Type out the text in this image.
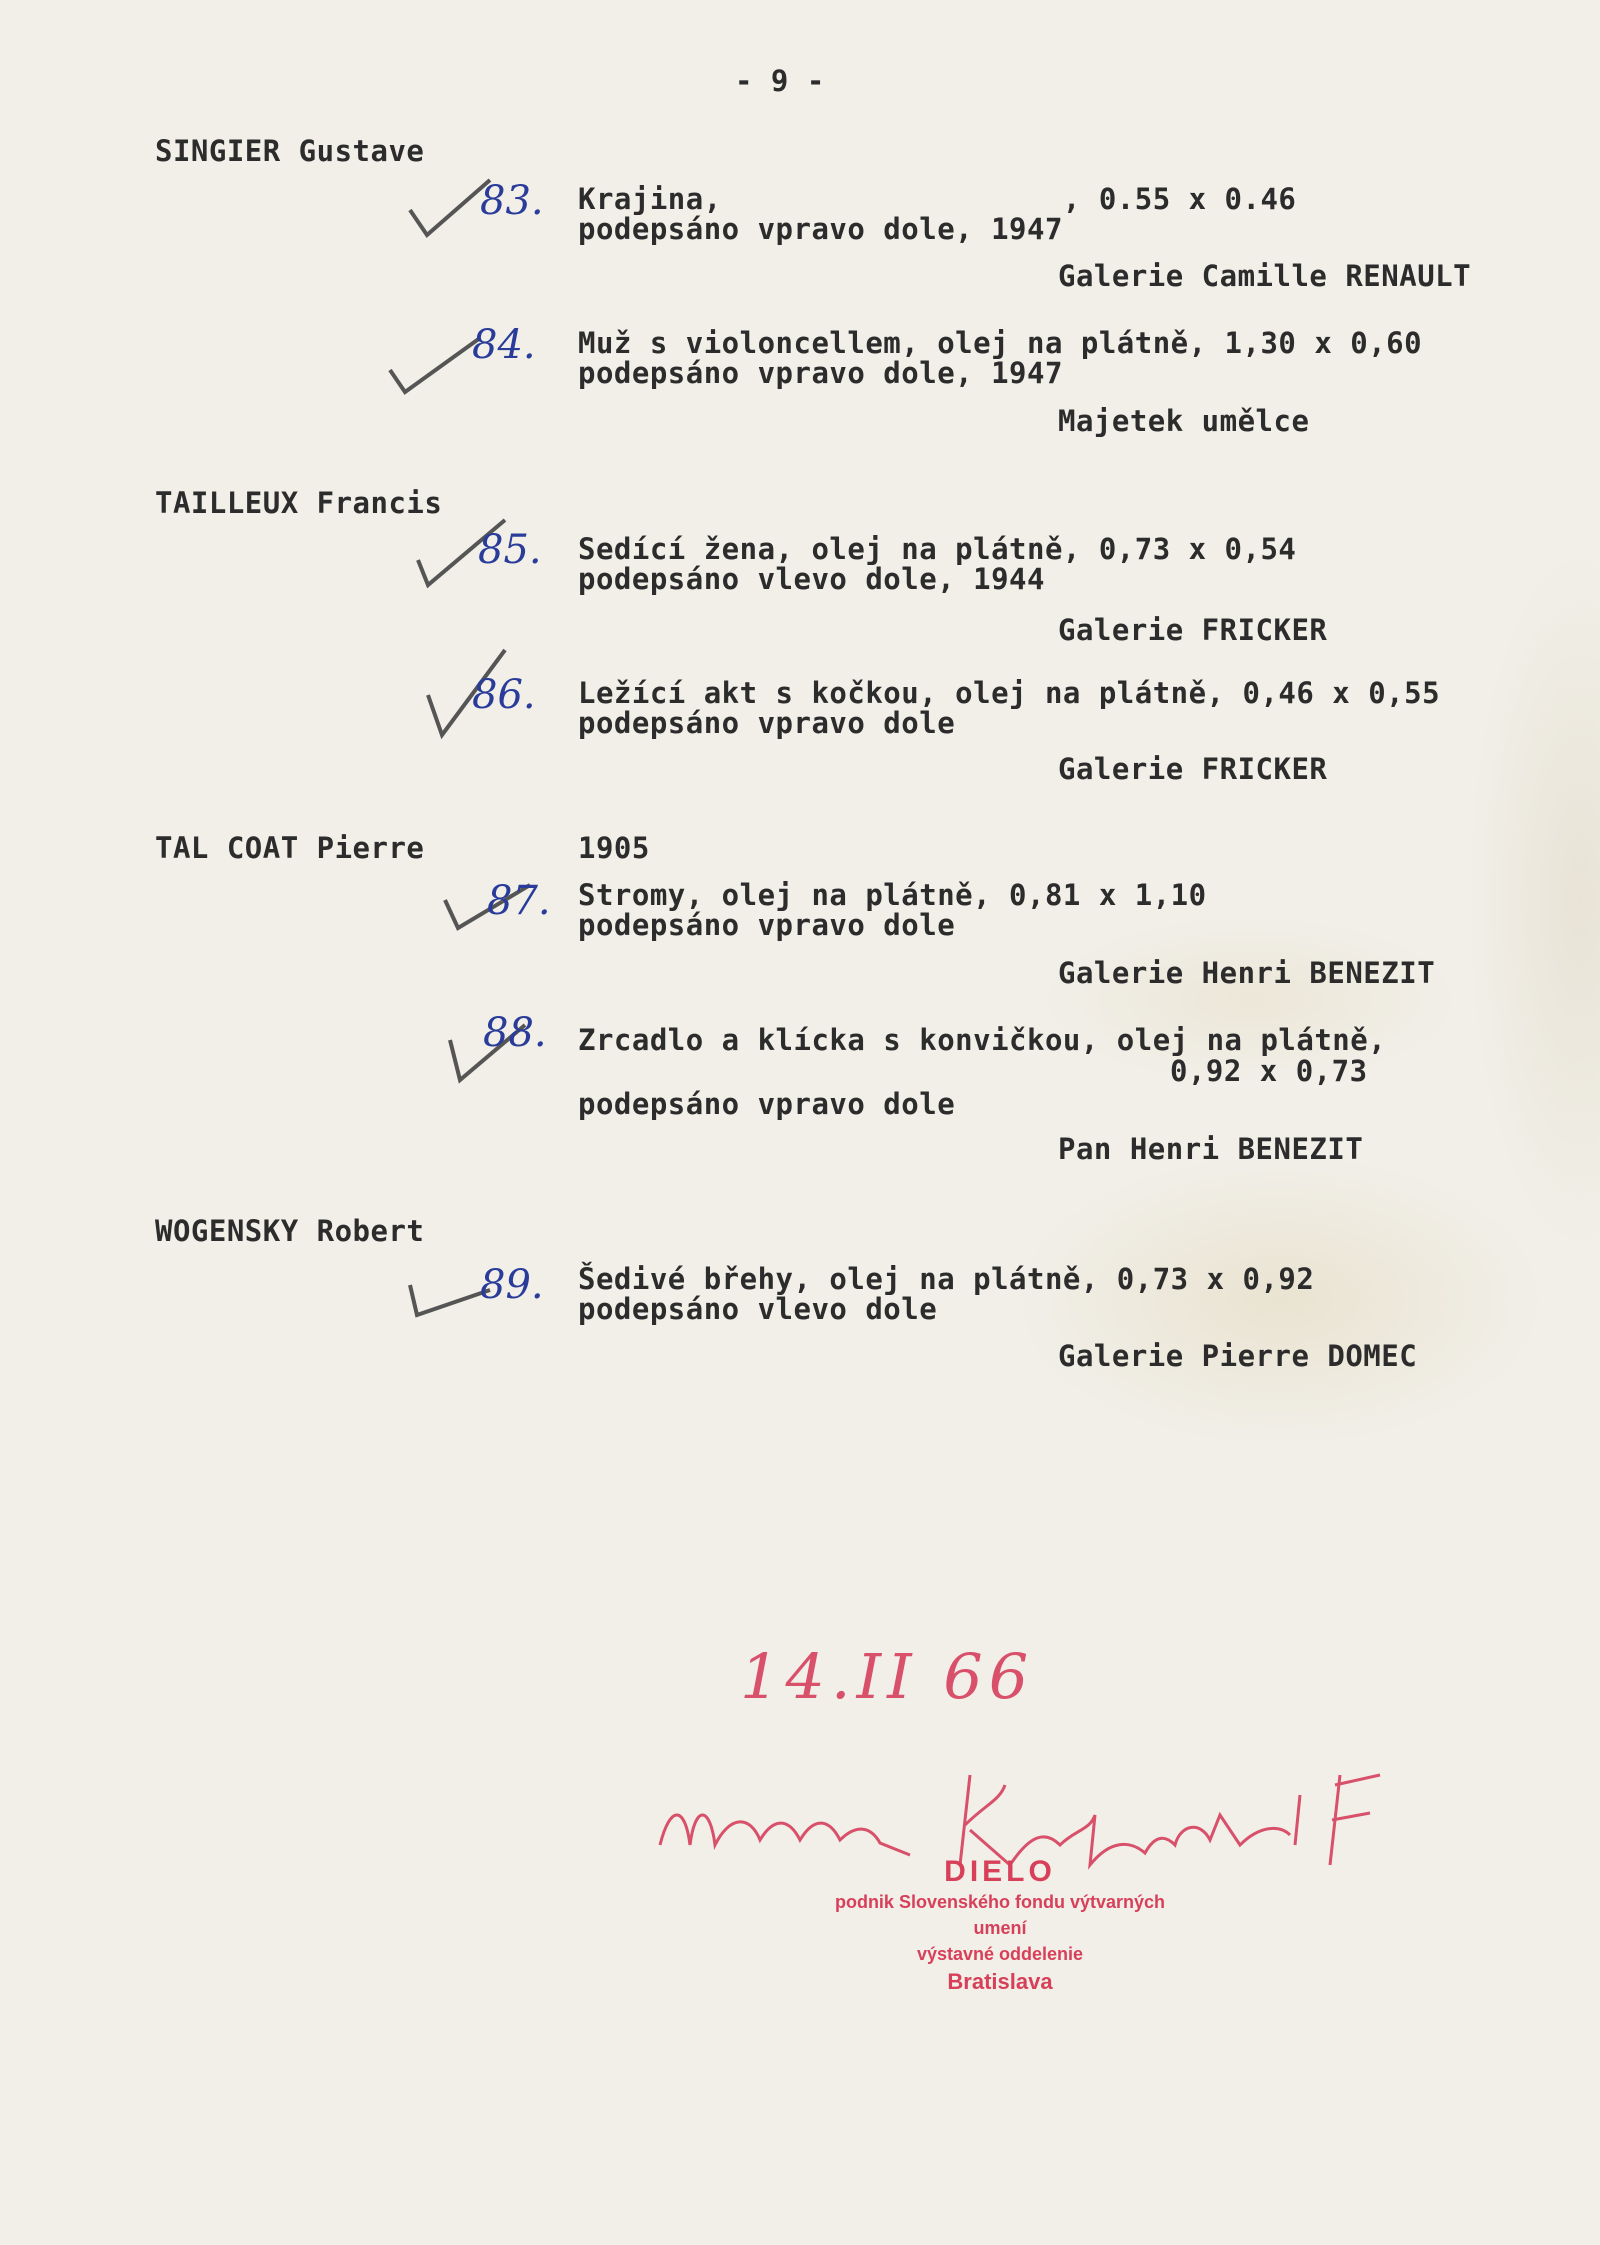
- 9 -
SINGIER Gustave
83. Krajina,                   , 0.55 x 0.46
podepsáno vpravo dole, 1947
Galerie Camille RENAULT
84. Muž s violoncellem, olej na plátně, 1,30 x 0,60
podepsáno vpravo dole, 1947
Majetek umělce
TAILLEUX Francis
85. Sedící žena, olej na plátně, 0,73 x 0,54
podepsáno vlevo dole, 1944
Galerie FRICKER
86. Ležící akt s kočkou, olej na plátně, 0,46 x 0,55
podepsáno vpravo dole
Galerie FRICKER
TAL COAT Pierre	1905
87. Stromy, olej na plátně, 0,81 x 1,10
podepsáno vpravo dole
Galerie Henri BENEZIT
88. Zrcadlo a klícka s konvičkou, olej na plátně,
0,92 x 0,73
podepsáno vpravo dole
Pan Henri BENEZIT
WOGENSKY Robert
89. Šedivé břehy, olej na plátně, 0,73 x 0,92
podepsáno vlevo dole
Galerie Pierre DOMEC
14.II 66
DIELO
podnik Slovenského fondu výtvarných
umení
výstavné oddelenie
Bratislava
